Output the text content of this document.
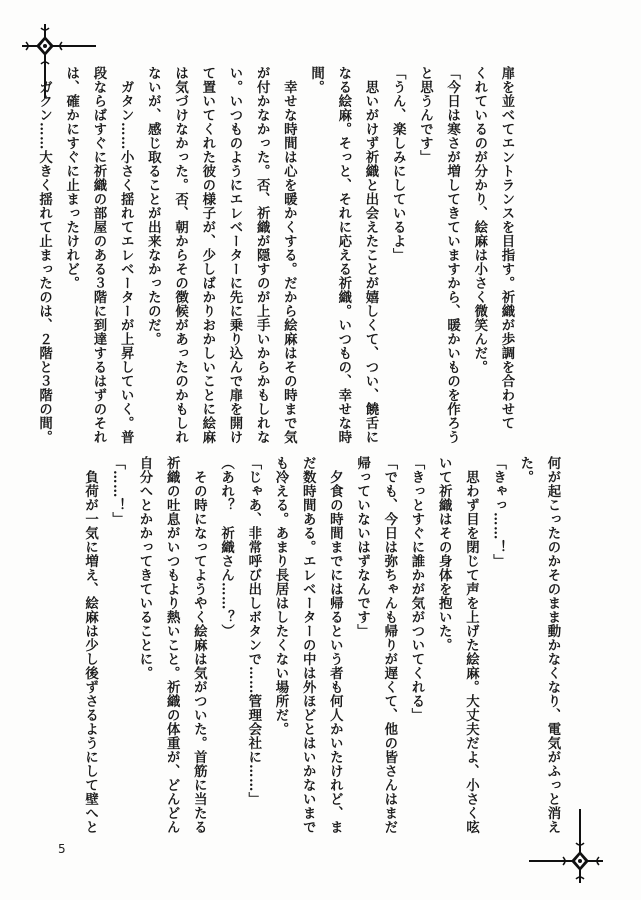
扉を並べてエントランスを目指す。祈織が歩調を合わせて
くれているのが分かり、絵麻は小さく微笑んだ。
「今日は寒さが増してきていますから、暖かいものを作ろう
と思うんです」
「うん、楽しみにしているよ」
　思いがけず祈織と出会えたことが嬉しくて、つい、饒舌に
なる絵麻。そっと、それに応える祈織。いつもの、幸せな時
間。
　幸せな時間は心を暖かくする。だから絵麻はその時まで気
が付かなかった。否、祈織が隠すのが上手いからかもしれな
い。いつものようにエレベーターに先に乗り込んで扉を開け
て置いてくれた彼の様子が、少しばかりおかしいことに絵麻
は気づけなかった。否、朝からその徴候があったのかもしれ
ないが、感じ取ることが出来なかったのだ。
　ガタン……小さく揺れてエレベーターが上昇していく。普
段ならばすぐに祈織の部屋のある３階に到達するはずのそれ
は、確かにすぐに止まったけれど。
　ガクン……大きく揺れて止まったのは、２階と３階の間。
何が起こったのかそのまま動かなくなり、電気がふっと消え
た。
「きゃっ……！」
　思わず目を閉じて声を上げた絵麻。大丈夫だよ、小さく呟
いて祈織はその身体を抱いた。
「きっとすぐに誰かが気がついてくれる」
「でも、今日は弥ちゃんも帰りが遅くて、他の皆さんはまだ
帰っていないはずなんです」
　夕食の時間までには帰るという者も何人かいたけれど、ま
だ数時間ある。エレベーターの中は外ほどとはいかないまで
も冷える。あまり長居はしたくない場所だ。
「じゃあ、非常呼び出しボタンで……管理会社に……」
（あれ？　祈織さん……？）
　その時になってようやく絵麻は気がついた。首筋に当たる
祈織の吐息がいつもより熱いこと。祈織の体重が、どんどん
自分へとかかってきていることに。
「……！」
　負荷が一気に増え、絵麻は少し後ずさるようにして壁へと
5
